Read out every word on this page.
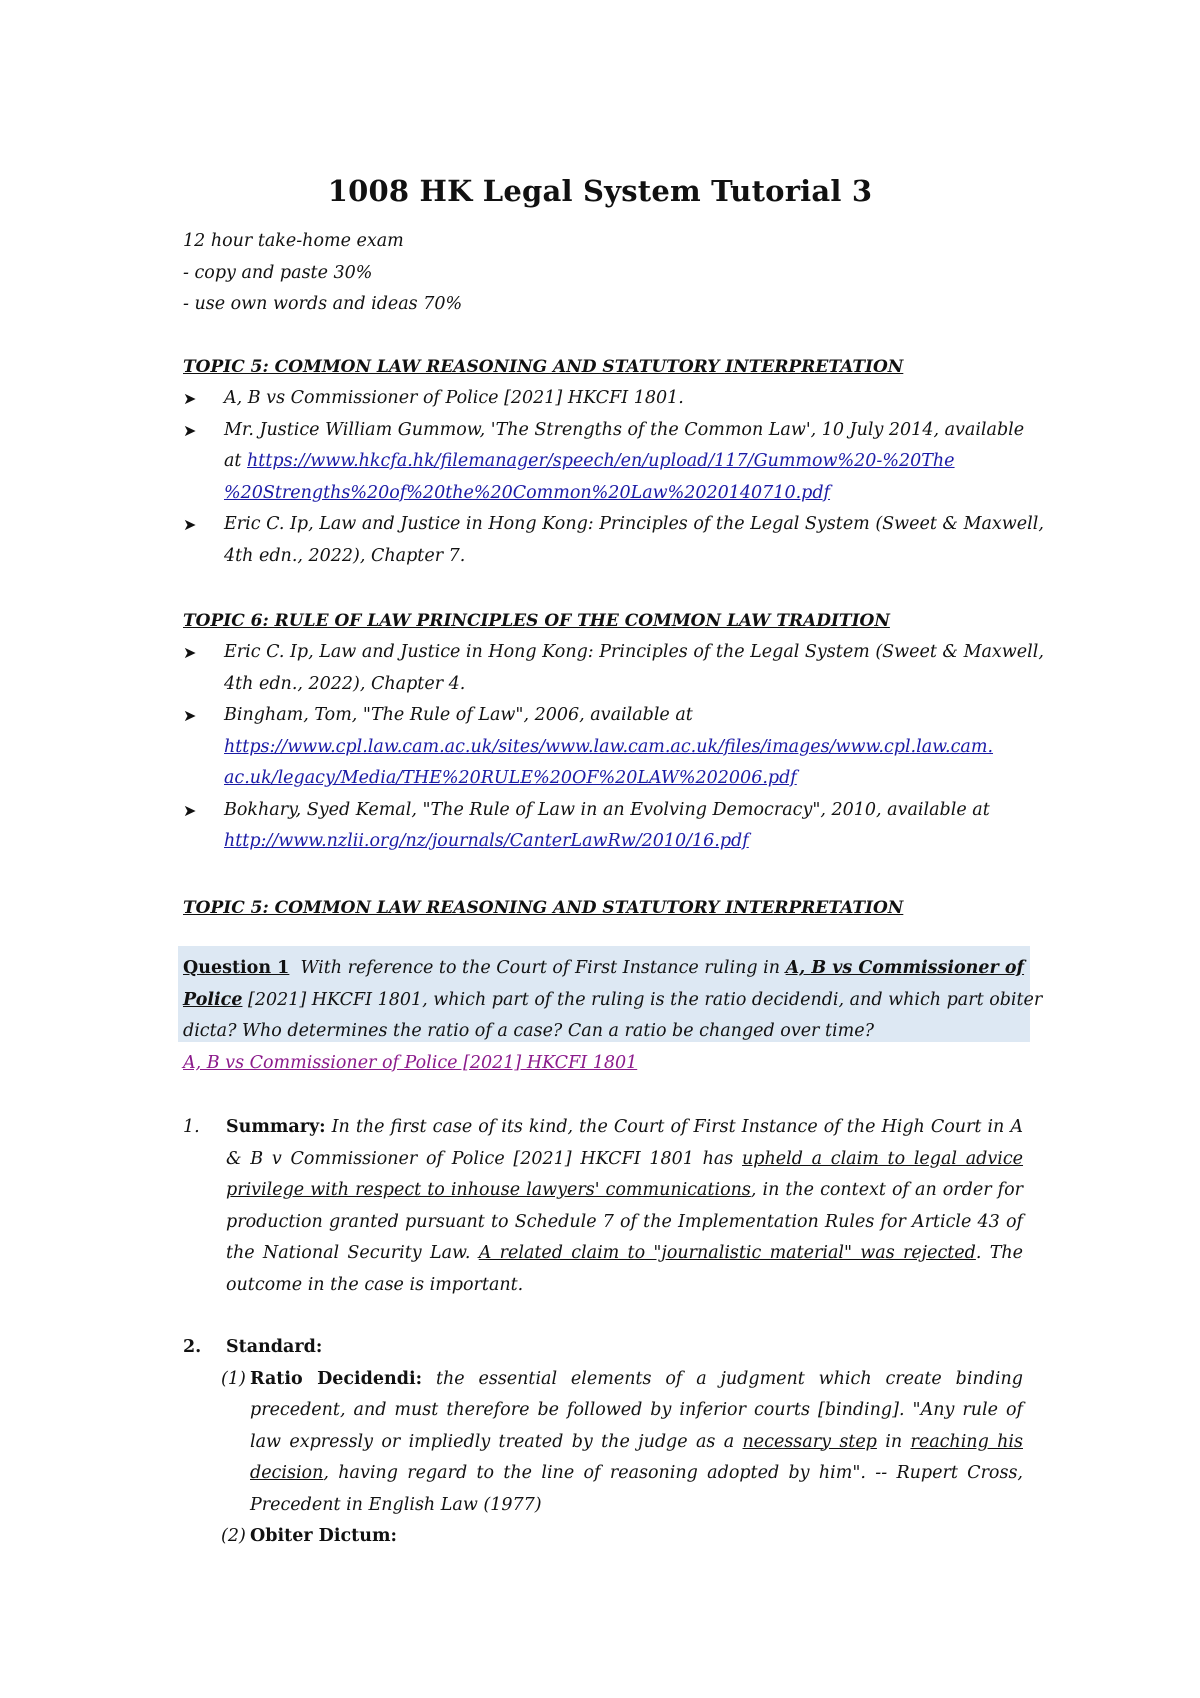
1008 HK Legal System Tutorial 3
12 hour take-home exam
- copy and paste 30%
- use own words and ideas 70%
TOPIC 5: COMMON LAW REASONING AND STATUTORY INTERPRETATION
➤ A, B vs Commissioner of Police [2021] HKCFI 1801.
➤ Mr. Justice William Gummow, 'The Strengths of the Common Law', 10 July 2014, available
at https://www.hkcfa.hk/filemanager/speech/en/upload/117/Gummow%20-%20The
%20Strengths%20of%20the%20Common%20Law%2020140710.pdf
➤ Eric C. Ip, Law and Justice in Hong Kong: Principles of the Legal System (Sweet & Maxwell,
4th edn., 2022), Chapter 7.
TOPIC 6: RULE OF LAW PRINCIPLES OF THE COMMON LAW TRADITION
➤ Eric C. Ip, Law and Justice in Hong Kong: Principles of the Legal System (Sweet & Maxwell,
4th edn., 2022), Chapter 4.
➤ Bingham, Tom, "The Rule of Law", 2006, available at
https://www.cpl.law.cam.ac.uk/sites/www.law.cam.ac.uk/files/images/www.cpl.law.cam.
ac.uk/legacy/Media/THE%20RULE%20OF%20LAW%202006.pdf
➤ Bokhary, Syed Kemal, "The Rule of Law in an Evolving Democracy", 2010, available at
http://www.nzlii.org/nz/journals/CanterLawRw/2010/16.pdf
TOPIC 5: COMMON LAW REASONING AND STATUTORY INTERPRETATION
Question 1 With reference to the Court of First Instance ruling in A, B vs Commissioner of
Police [2021] HKCFI 1801, which part of the ruling is the ratio decidendi, and which part obiter
dicta? Who determines the ratio of a case? Can a ratio be changed over time?
A, B vs Commissioner of Police [2021] HKCFI 1801
1. Summary: In the first case of its kind, the Court of First Instance of the High Court in A & B v Commissioner of Police [2021] HKCFI 1801 has upheld a claim to legal advice privilege with respect to inhouse lawyers' communications, in the context of an order for production granted pursuant to Schedule 7 of the Implementation Rules for Article 43 of the National Security Law. A related claim to "journalistic material" was rejected. The outcome in the case is important.
2. Standard:
(1) Ratio Decidendi: the essential elements of a judgment which create binding precedent, and must therefore be followed by inferior courts [binding]. "Any rule of law expressly or impliedly treated by the judge as a necessary step in reaching his decision, having regard to the line of reasoning adopted by him". -- Rupert Cross, Precedent in English Law (1977)
(2) Obiter Dictum:
